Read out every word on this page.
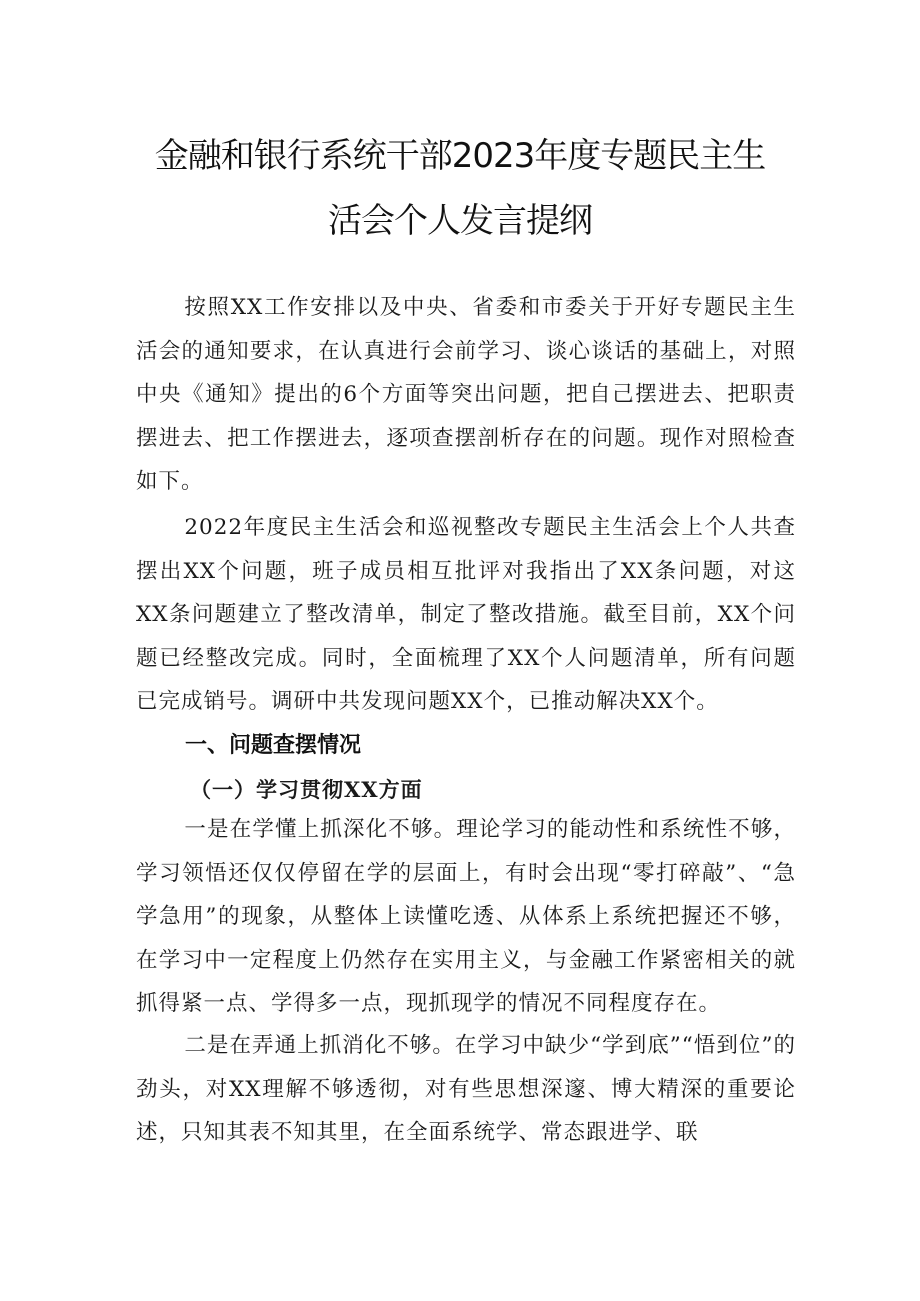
金融和银行系统干部2023年度专题民主生
活会个人发言提纲

按照XX工作安排以及中央、省委和市委关于开好专题民主生活会的通知要求，在认真进行会前学习、谈心谈话的基础上，对照中央《通知》提出的6个方面等突出问题，把自己摆进去、把职责摆进去、把工作摆进去，逐项查摆剖析存在的问题。现作对照检查如下。

2022年度民主生活会和巡视整改专题民主生活会上个人共查摆出XX个问题，班子成员相互批评对我指出了XX条问题，对这XX条问题建立了整改清单，制定了整改措施。截至目前，XX个问题已经整改完成。同时，全面梳理了XX个人问题清单，所有问题已完成销号。调研中共发现问题XX个，已推动解决XX个。

一、问题查摆情况
（一）学习贯彻XX方面

一是在学懂上抓深化不够。理论学习的能动性和系统性不够，学习领悟还仅仅停留在学的层面上，有时会出现“零打碎敲”、“急学急用”的现象，从整体上读懂吃透、从体系上系统把握还不够，在学习中一定程度上仍然存在实用主义，与金融工作紧密相关的就抓得紧一点、学得多一点，现抓现学的情况不同程度存在。

二是在弄通上抓消化不够。在学习中缺少“学到底”“悟到位”的劲头，对XX理解不够透彻，对有些思想深邃、博大精深的重要论述，只知其表不知其里，在全面系统学、常态跟进学、联
